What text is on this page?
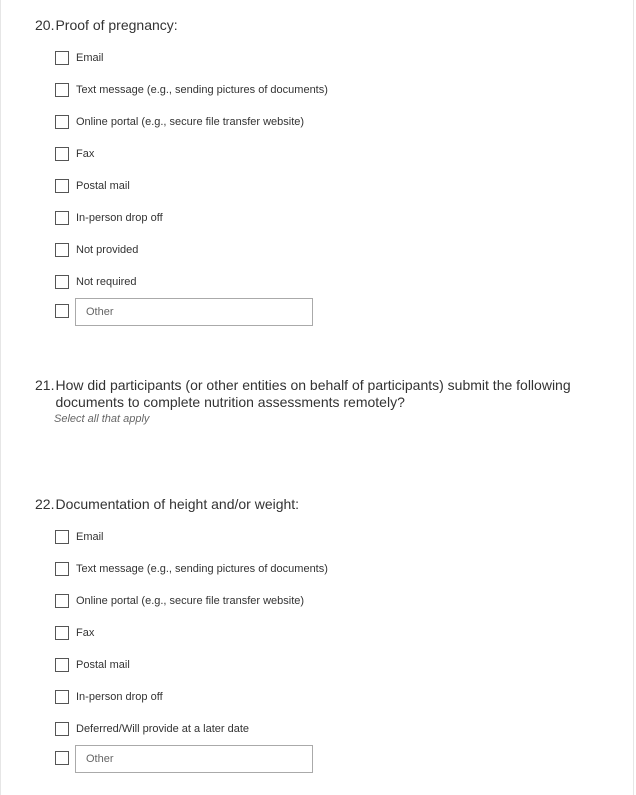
20. Proof of pregnancy:
Email
Text message (e.g., sending pictures of documents)
Online portal (e.g., secure file transfer website)
Fax
Postal mail
In-person drop off
Not provided
Not required
Other
21. How did participants (or other entities on behalf of participants) submit the following documents to complete nutrition assessments remotely?
Select all that apply
22. Documentation of height and/or weight:
Email
Text message (e.g., sending pictures of documents)
Online portal (e.g., secure file transfer website)
Fax
Postal mail
In-person drop off
Deferred/Will provide at a later date
Other
